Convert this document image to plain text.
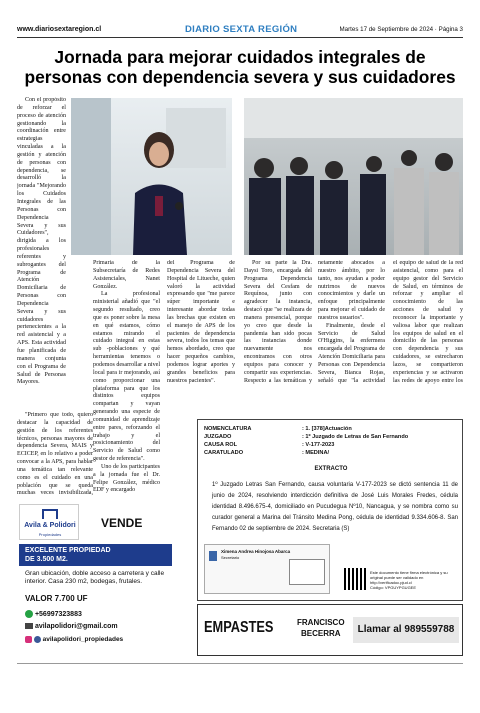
www.diariosextaregion.cl	DIARIO SEXTA REGIÓN	Martes 17 de Septiembre de 2024 · Página 3
Jornada para mejorar cuidados integrales de personas con dependencia severa y sus cuidadores

Con el propósito de reforzar el proceso de atención gestionando la coordinación entre estrategias vinculadas a la gestión y atención de personas con dependencia, se desarrolló la jornada "Mejorando los Cuidados Integrales de las Personas con Dependencia Severa y sus Cuidadores", dirigida a los profesionales referentes y subrogantes del Programa de Atención Domiciliaria de Personas con Dependencia Severa y sus cuidadores pertenecientes a la red asistencial y a APS. Esta actividad fue planificada de manera conjunta con el Programa de Salud de Personas Mayores.

"Primero que todo, quiero destacar la capacidad de gestión de los referentes técnicos, personas mayores de dependencia Severa, MAIS y ECICEP, en lo relativo a poder convocar a la APS, para hablar una temática tan relevante como es el cuidado en una población que se queda muchas veces invisibilizada,

Primaria de la Subsecretaría de Redes Asistenciales, Nanet González.

La profesional ministerial añadió que "el segundo resultado, creo que es poner sobre la mesa en qué estamos, cómo estamos mirando el cuidado integral en estas sub -poblaciones y qué herramientas tenemos o podemos desarrollar a nivel local para ir mejorando, así como proporcionar una plataforma para que los distintos equipos compartan y vayan generando una especie de comunidad de aprendizaje entre pares, reforzando el trabajo y el posicionamiento del Servicio de Salud como gestor de referencia".

Uno de los participantes a la jornada fue el Dr. Felipe González, médico EDF y encargado

del Programa de Dependencia Severa del Hospital de Litueche, quien valoró la actividad expresando que "me parece súper importante e interesante abordar todas las brechas que existen en el manejo de APS de los pacientes de dependencia severa, todos los temas que hemos abordado, creo que hacer pequeños cambios, podemos lograr aportes y grandes beneficios para nuestros pacientes".

Por su parte la Dra. Daysi Toro, encargada del Programa Dependencia Severa del Cesfam de Requínoa, junto con agradecer la instancia, destacó que "se realizara de manera presencial, porque yo creo que desde la pandemia han sido pocas las instancias donde nuevamente nos encontramos con otros equipos para conocer y compartir sus experiencias. Respecto a las temáticas y

netamente abocados a nuestro ámbito, por lo tanto, nos ayudan a poder nutrirnos de nuevos conocimientos y darle un enfoque principalmente para mejorar el cuidado de nuestros usuarios".

Finalmente, desde el Servicio de Salud O'Higgins, la enfermera encargada del Programa de Atención Domiciliaria para Personas con Dependencia Severa, Bianca Rojas, señaló que "la actividad

el equipo de salud de la red asistencial, como para el equipo gestor del Servicio de Salud, en términos de reforzar y ampliar el conocimiento de las acciones de salud y reconocer la importante y valiosa labor que realizan los equipos de salud en el domicilio de las personas con dependencia y sus cuidadores, se estrecharon lazos, se compartieron experiencias y se activaron las redes de apoyo entre los

NOMENCLATURA	: 1. [378]Actuación
JUZGADO	: 1º Juzgado de Letras de San Fernando
CAUSA ROL	: V-177-2023
CARATULADO	: MEDINA/
EXTRACTO
1º Juzgado Letras San Fernando, causa voluntaria V-177-2023 se dictó sentencia 11 de junio de 2024, resolviendo interdicción definitiva de José Luis Morales Fredes, cédula identidad 8.496.675-4, domiciliado en Pucudegua Nº10, Nancagua, y se nombra como su curador general a Marina del Tránsito Medina Pong, cédula de identidad 9.334.606-8. San Fernando 02 de septiembre de 2024. Secretaria (S)
Ximena Andrea Hinojosa Abarca
Secretario
Este documento tiene firma electrónica y su original puede ser validado en http://verificadoc.pjud.cl
Código: VPGUYPGUGEE
Avila & Polidori
Propiedades
VENDE
EXCELENTE PROPIEDAD
DE 3.500 M2.
Gran ubicación, doble acceso a carretera y calle interior. Casa 230 m2, bodegas, frutales.
VALOR 7.700 UF
+56997323883
avilapolidori@gmail.com
avilapolidori_propiedades
EMPASTES	FRANCISCO
BECERRA	Llamar al 989559788
